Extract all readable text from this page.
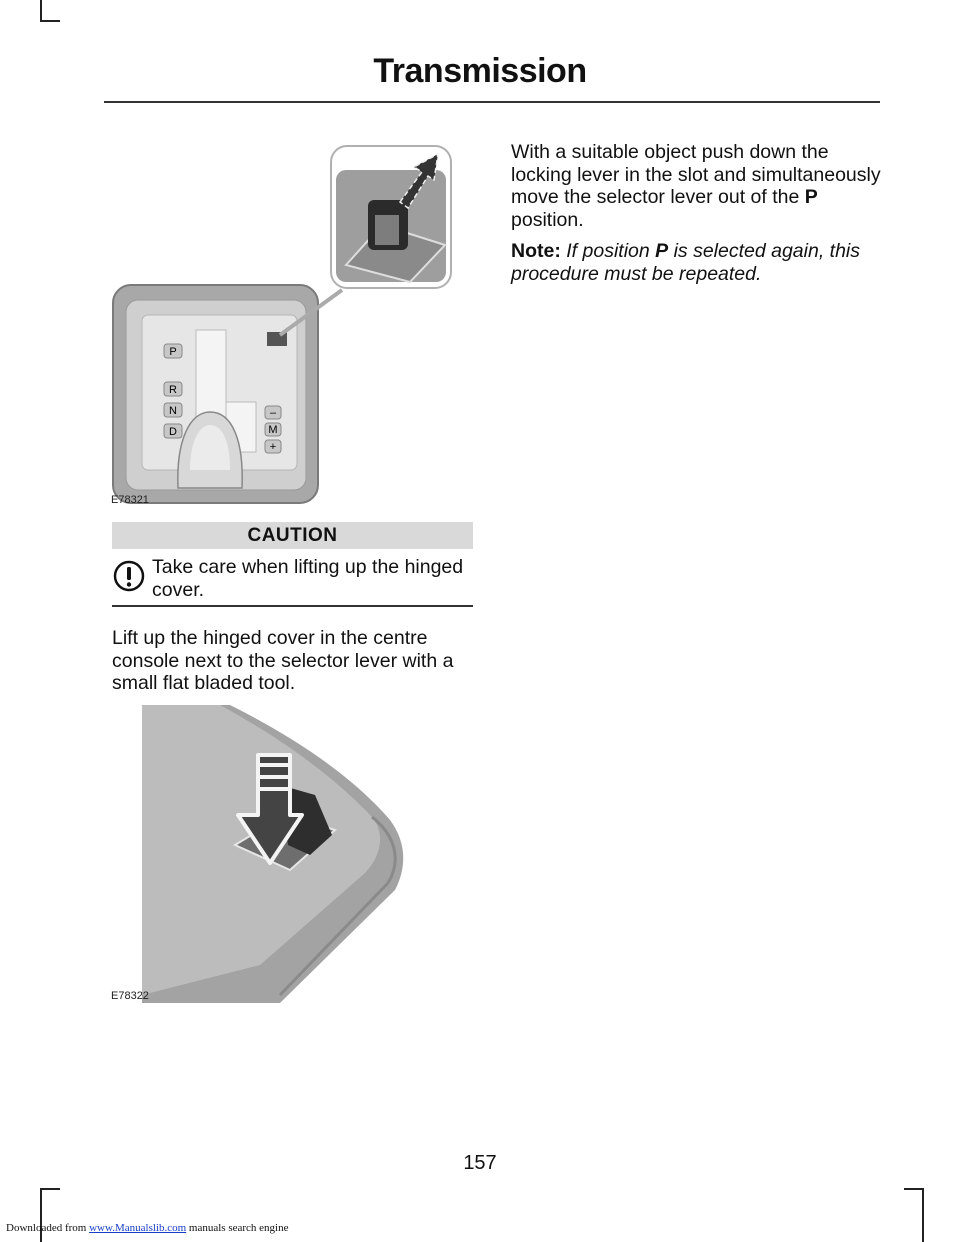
Transmission
P
R
N
D
–
M
+
E78321
CAUTION
Take care when lifting up the hinged cover.
Lift up the hinged cover in the centre console next to the selector lever with a small flat bladed tool.
E78322

With a suitable object push down the locking lever in the slot and simultaneously move the selector lever out of the P position.

Note: If position P is selected again, this procedure must be repeated.

157
Downloaded from www.Manualslib.com manuals search engine
